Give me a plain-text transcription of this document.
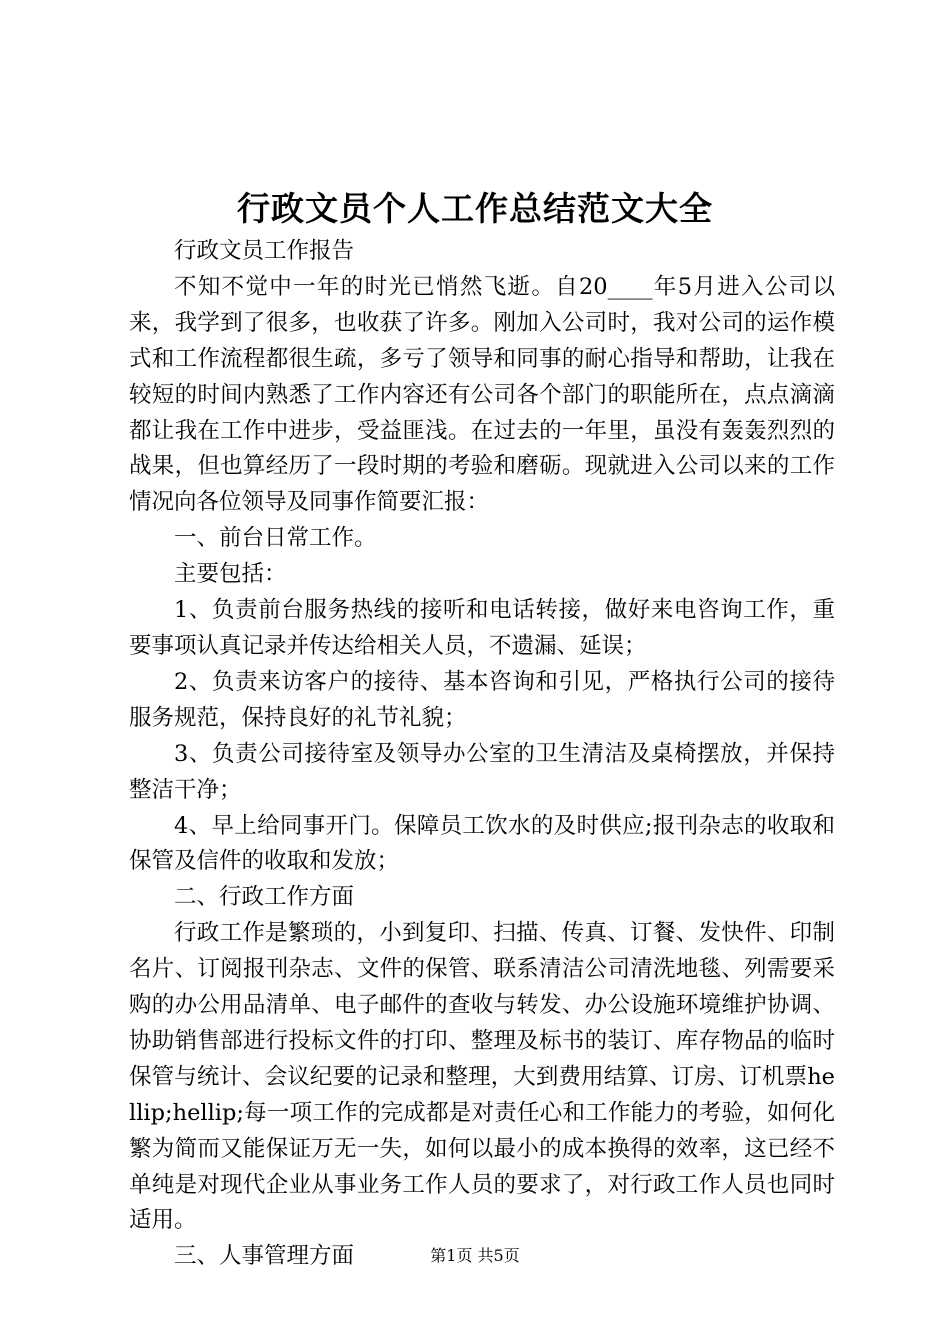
行政文员个人工作总结范文大全

行政文员工作报告

不知不觉中一年的时光已悄然飞逝。自20____年5月进入公司以来，我学到了很多，也收获了许多。刚加入公司时，我对公司的运作模式和工作流程都很生疏，多亏了领导和同事的耐心指导和帮助，让我在较短的时间内熟悉了工作内容还有公司各个部门的职能所在，点点滴滴都让我在工作中进步，受益匪浅。在过去的一年里，虽没有轰轰烈烈的战果，但也算经历了一段时期的考验和磨砺。现就进入公司以来的工作情况向各位领导及同事作简要汇报：

一、前台日常工作。

主要包括：

1、负责前台服务热线的接听和电话转接，做好来电咨询工作，重要事项认真记录并传达给相关人员，不遗漏、延误；

2、负责来访客户的接待、基本咨询和引见，严格执行公司的接待服务规范，保持良好的礼节礼貌；

3、负责公司接待室及领导办公室的卫生清洁及桌椅摆放，并保持整洁干净；

4、早上给同事开门。保障员工饮水的及时供应;报刊杂志的收取和保管及信件的收取和发放；

二、行政工作方面

行政工作是繁琐的，小到复印、扫描、传真、订餐、发快件、印制名片、订阅报刊杂志、文件的保管、联系清洁公司清洗地毯、列需要采购的办公用品清单、电子邮件的查收与转发、办公设施环境维护协调、协助销售部进行投标文件的打印、整理及标书的装订、库存物品的临时保管与统计、会议纪要的记录和整理，大到费用结算、订房、订机票hellip;hellip;每一项工作的完成都是对责任心和工作能力的考验，如何化繁为简而又能保证万无一失，如何以最小的成本换得的效率，这已经不单纯是对现代企业从事业务工作人员的要求了，对行政工作人员也同时适用。

三、人事管理方面	第1页 共5页
